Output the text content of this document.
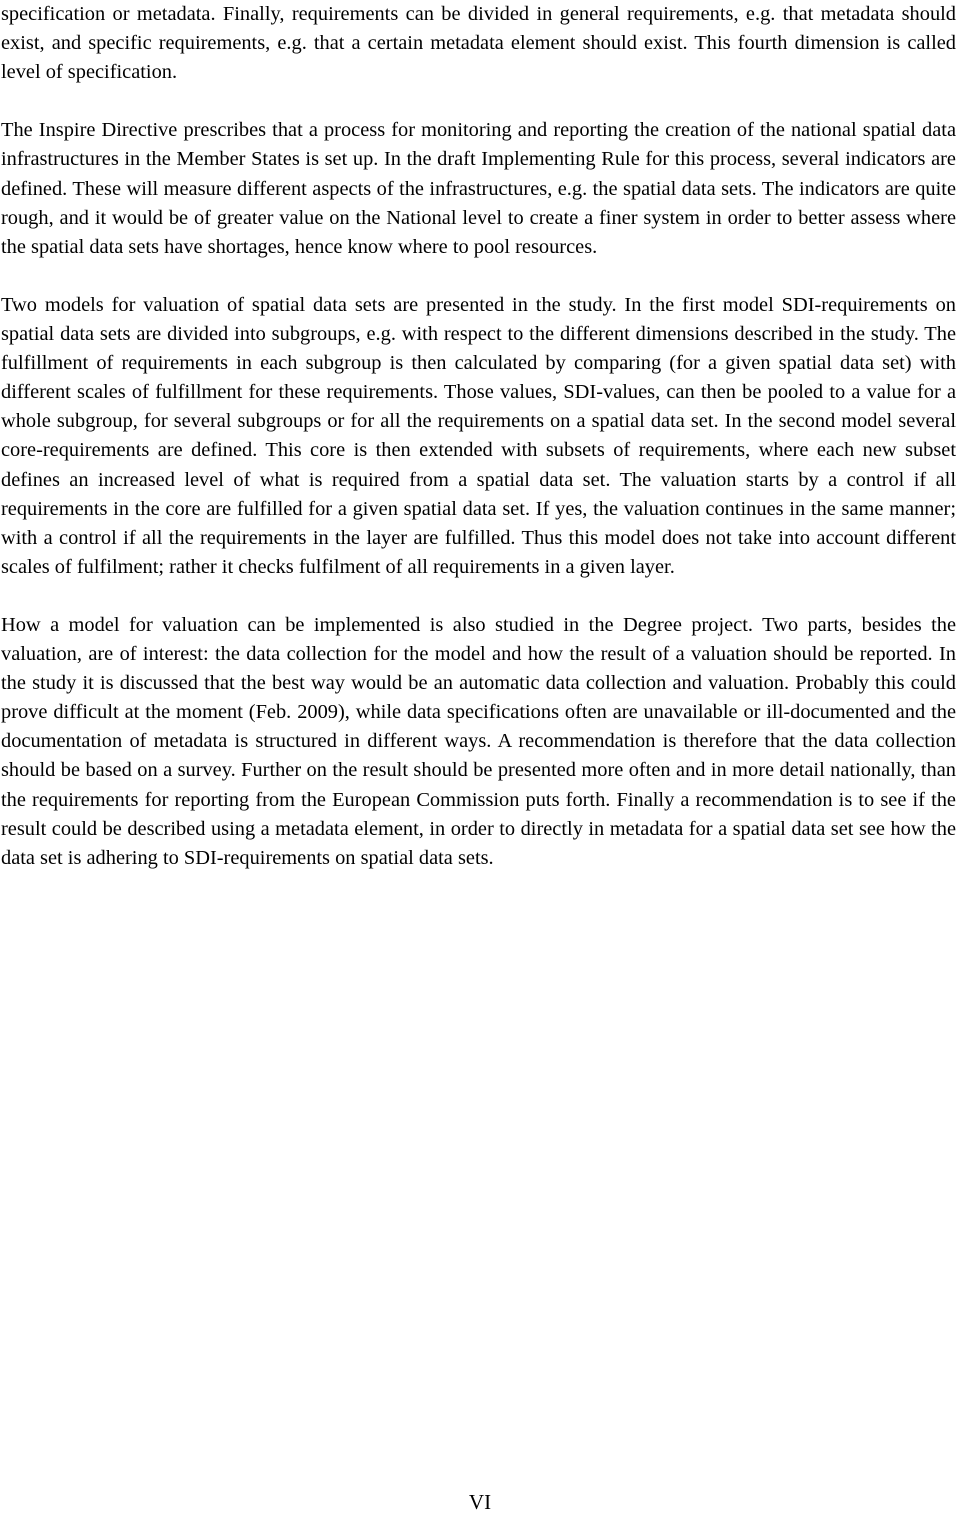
specification or metadata. Finally, requirements can be divided in general requirements, e.g. that metadata should exist, and specific requirements, e.g. that a certain metadata element should exist. This fourth dimension is called level of specification.

The Inspire Directive prescribes that a process for monitoring and reporting the creation of the national spatial data infrastructures in the Member States is set up. In the draft Implementing Rule for this process, several indicators are defined. These will measure different aspects of the infrastructures, e.g. the spatial data sets. The indicators are quite rough, and it would be of greater value on the National level to create a finer system in order to better assess where the spatial data sets have shortages, hence know where to pool resources.

Two models for valuation of spatial data sets are presented in the study. In the first model SDI-requirements on spatial data sets are divided into subgroups, e.g. with respect to the different dimensions described in the study. The fulfillment of requirements in each subgroup is then calculated by comparing (for a given spatial data set) with different scales of fulfillment for these requirements. Those values, SDI-values, can then be pooled to a value for a whole subgroup, for several subgroups or for all the requirements on a spatial data set. In the second model several core-requirements are defined. This core is then extended with subsets of requirements, where each new subset defines an increased level of what is required from a spatial data set. The valuation starts by a control if all requirements in the core are fulfilled for a given spatial data set. If yes, the valuation continues in the same manner; with a control if all the requirements in the layer are fulfilled. Thus this model does not take into account different scales of fulfilment; rather it checks fulfilment of all requirements in a given layer.

How a model for valuation can be implemented is also studied in the Degree project. Two parts, besides the valuation, are of interest: the data collection for the model and how the result of a valuation should be reported. In the study it is discussed that the best way would be an automatic data collection and valuation. Probably this could prove difficult at the moment (Feb. 2009), while data specifications often are unavailable or ill-documented and the documentation of metadata is structured in different ways. A recommendation is therefore that the data collection should be based on a survey. Further on the result should be presented more often and in more detail nationally, than the requirements for reporting from the European Commission puts forth. Finally a recommendation is to see if the result could be described using a metadata element, in order to directly in metadata for a spatial data set see how the data set is adhering to SDI-requirements on spatial data sets.

VI
